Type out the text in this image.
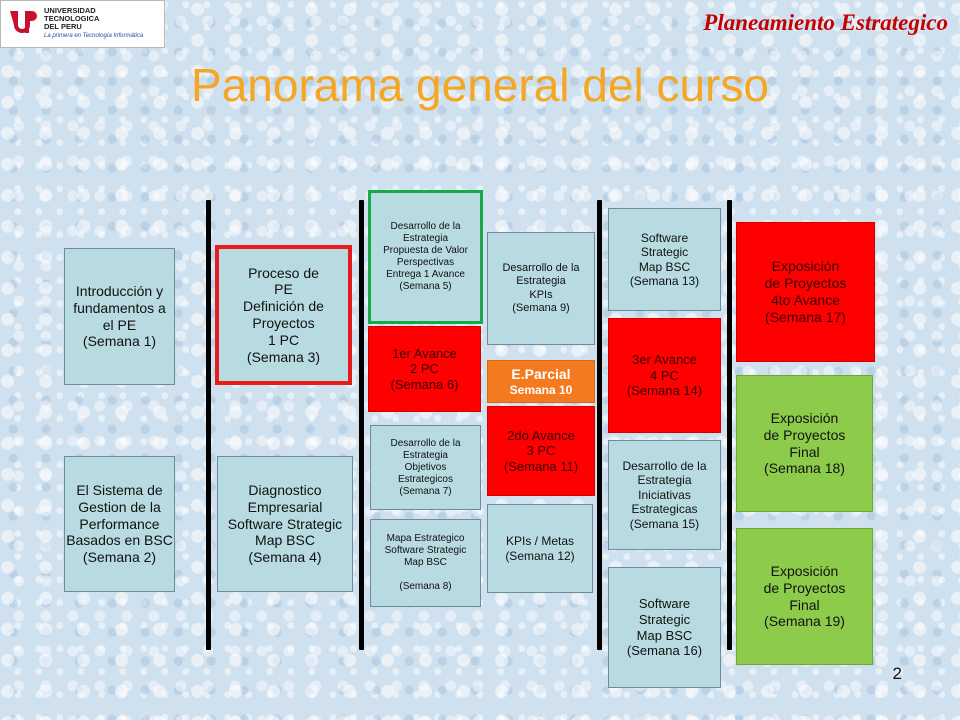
UNIVERSIDAD
TECNOLOGICA
DEL PERU
La primera en Tecnología Informática
Planeamiento Estrategico
Panorama general del curso
Introducción y
fundamentos a
el PE
(Semana 1)
El Sistema de
Gestion de la
Performance
Basados en BSC
(Semana 2)
Proceso de
PE
Definición de
Proyectos
1 PC
(Semana 3)
Diagnostico
Empresarial
Software Strategic
Map BSC
(Semana 4)
Desarrollo de la
Estrategia
Propuesta de Valor
Perspectivas
Entrega 1 Avance
(Semana 5)
1er Avance
2 PC
(Semana 6)
Desarrollo de la
Estrategia
Objetivos
Estrategicos
(Semana 7)
Mapa Estrategico
Software Strategic
Map BSC

(Semana 8)
Desarrollo de la
Estrategia
KPIs
(Semana 9)
E.Parcial
Semana 10
2do Avance
3 PC
(Semana 11)
KPIs / Metas
(Semana 12)
Software
Strategic
Map BSC
(Semana 13)
3er Avance
4 PC
(Semana 14)
Desarrollo de la
Estrategia
Iniciativas
Estrategicas
(Semana 15)
Software
Strategic
Map BSC
(Semana 16)
Exposición
de Proyectos
4to Avance
(Semana 17)
Exposición
de Proyectos
Final
(Semana 18)
Exposición
de Proyectos
Final
(Semana 19)
2
